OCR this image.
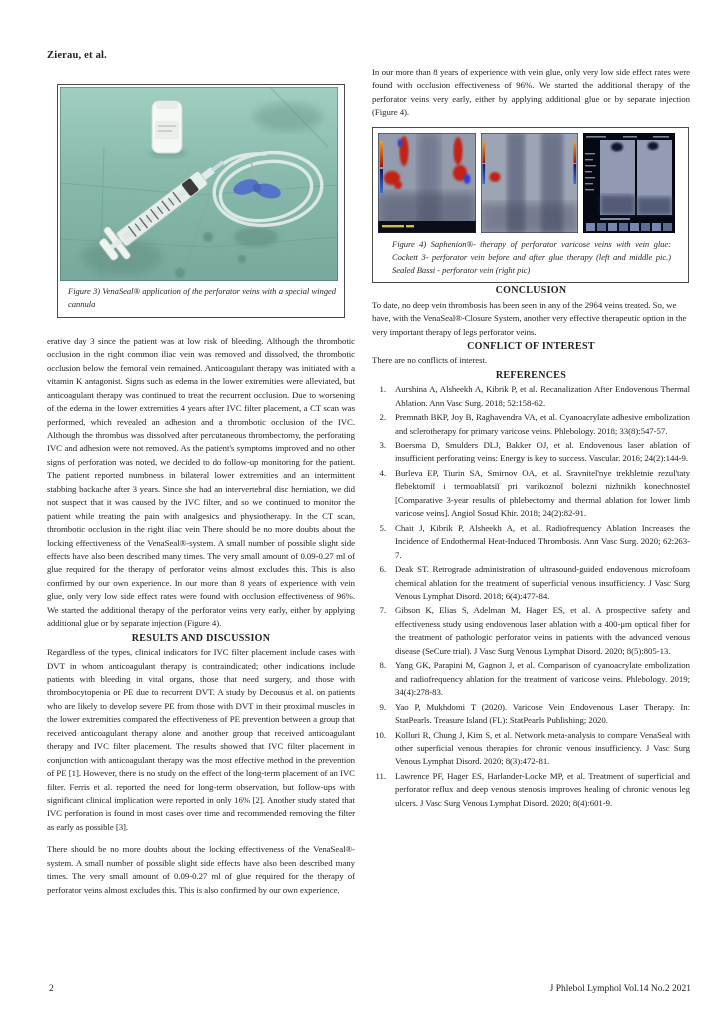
Zierau, et al.
Figure 3) VenaSeal® application of the perforator veins with a special winged cannula

erative day 3 since the patient was at low risk of bleeding. Although the thrombotic occlusion in the right common iliac vein was removed and dissolved, the thrombotic occlusion below the femoral vein remained. Anticoagulant therapy was initiated with a vitamin K antagonist. Signs such as edema in the lower extremities were alleviated, but anticoagulant therapy was continued to treat the recurrent occlusion. Due to worsening of the edema in the lower extremities 4 years after IVC filter placement, a CT scan was performed, which revealed an adhesion and a thrombotic occlusion of the IVC. Although the thrombus was dissolved after percutaneous thrombectomy, the perforating IVC and adhesion were not removed. As the patient's symptoms improved and no other signs of perforation was noted, we decided to do follow-up monitoring for the patient. The patient reported numbness in bilateral lower extremities and an intermittent stabbing backache after 3 years. Since she had an intervertebral disc herniation, we did not suspect that it was caused by the IVC filter, and so we continued to monitor the patient while treating the pain with analgesics and physiotherapy. In the CT scan, thrombotic occlusion in the right iliac vein There should be no more doubts about the locking effectiveness of the VenaSeal®-system. A small number of possible slight side effects have also been described many times. The very small amount of 0.09-0.27 ml of glue required for the therapy of perforator veins almost excludes this. This is also confirmed by our own experience. In our more than 8 years of experience with vein glue, only very low side effect rates were found with occlusion effectiveness of 96%. We started the additional therapy of the perforator veins very early, either by applying additional glue or by separate injection (Figure 4).

RESULTS AND DISCUSSION

Regardless of the types, clinical indicators for IVC filter placement include cases with DVT in whom anticoagulant therapy is contraindicated; other indications include patients with bleeding in vital organs, those that need surgery, and those with thrombocytopenia or PE due to recurrent DVT. A study by Decousus et al. on patients who are likely to develop severe PE from those with DVT in their proximal muscles in the lower extremities compared the effectiveness of PE prevention between a group that received anticoagulant therapy alone and another group that received anticoagulant therapy and IVC filter placement. The results showed that IVC filter placement in conjunction with anticoagulant therapy was the most effective method in the prevention of PE [1]. However, there is no study on the effect of the long-term placement of an IVC filter. Ferris et al. reported the need for long-term observation, but follow-ups with significant clinical implication were reported in only 16% [2]. Another study stated that IVC perforation is found in most cases over time and recommended removing the filter as early as possible [3].

There should be no more doubts about the locking effectiveness of the VenaSeal®-system. A small number of possible slight side effects have also been described many times. The very small amount of 0.09-0.27 ml of glue required for the therapy of perforator veins almost excludes this. This is also confirmed by our own experience.

In our more than 8 years of experience with vein glue, only very low side effect rates were found with occlusion effectiveness of 96%. We started the additional therapy of the perforator veins very early, either by applying additional glue or by separate injection (Figure 4).

Figure 4) Saphenion®- therapy of perforator varicose veins with vein glue: Cockett 3- perforator vein before and after glue therapy (left and middle pic.) Sealed Bassi - perforator vein (right pic)

CONCLUSION

To date, no deep vein thrombosis has been seen in any of the 2964 veins treated. So, we have, with the VenaSeal®-Closure System, another very effective therapeutic option in the very important therapy of legs perforator veins.

CONFLICT OF INTEREST

There are no conflicts of interest.

REFERENCES

1.	Aurshina A, Alsheekh A, Kibrik P, et al. Recanalization After Endovenous Thermal Ablation. Ann Vasc Surg. 2018; 52:158-62.
2.	Premnath BKP, Joy B, Raghavendra VA, et al. Cyanoacrylate adhesive embolization and sclerotherapy for primary varicose veins. Phlebology. 2018; 33(8):547-57.
3.	Boersma D, Smulders DLJ, Bakker OJ, et al. Endovenous laser ablation of insufficient perforating veins: Energy is key to success. Vascular. 2016; 24(2):144-9.
4.	Burleva EP, Tiurin SA, Smirnov OA, et al. Sravnitel'nye trekhletnie rezul'taty flebektomiĭ i termoablatsiĭ pri varikoznoĭ bolezni nizhnikh konechnosteĭ [Comparative 3-year results of phlebectomy and thermal ablation for lower limb varicose veins]. Angiol Sosud Khir. 2018; 24(2):82-91.
5.	Chait J, Kibrik P, Alsheekh A, et al. Radiofrequency Ablation Increases the Incidence of Endothermal Heat-Induced Thrombosis. Ann Vasc Surg. 2020; 62:263-7.
6.	Deak ST. Retrograde administration of ultrasound-guided endovenous microfoam chemical ablation for the treatment of superficial venous insufficiency. J Vasc Surg Venous Lymphat Disord. 2018; 6(4):477-84.
7.	Gibson K, Elias S, Adelman M, Hager ES, et al. A prospective safety and effectiveness study using endovenous laser ablation with a 400-μm optical fiber for the treatment of pathologic perforator veins in patients with the advanced venous disease (SeCure trial). J Vasc Surg Venous Lymphat Disord. 2020; 8(5):805-13.
8.	Yang GK, Parapini M, Gagnon J, et al. Comparison of cyanoacrylate embolization and radiofrequency ablation for the treatment of varicose veins. Phlebology. 2019; 34(4):278-83.
9.	Yao P, Mukhdomi T (2020). Varicose Vein Endovenous Laser Therapy. In: StatPearls. Treasure Island (FL): StatPearls Publishing; 2020.
10.	Kolluri R, Chung J, Kim S, et al. Network meta-analysis to compare VenaSeal with other superficial venous therapies for chronic venous insufficiency. J Vasc Surg Venous Lymphat Disord. 2020; 8(3):472-81.
11.	Lawrence PF, Hager ES, Harlander-Locke MP, et al. Treatment of superficial and perforator reflux and deep venous stenosis improves healing of chronic venous leg ulcers. J Vasc Surg Venous Lymphat Disord. 2020; 8(4):601-9.
2	J Phlebol Lymphol Vol.14 No.2 2021
